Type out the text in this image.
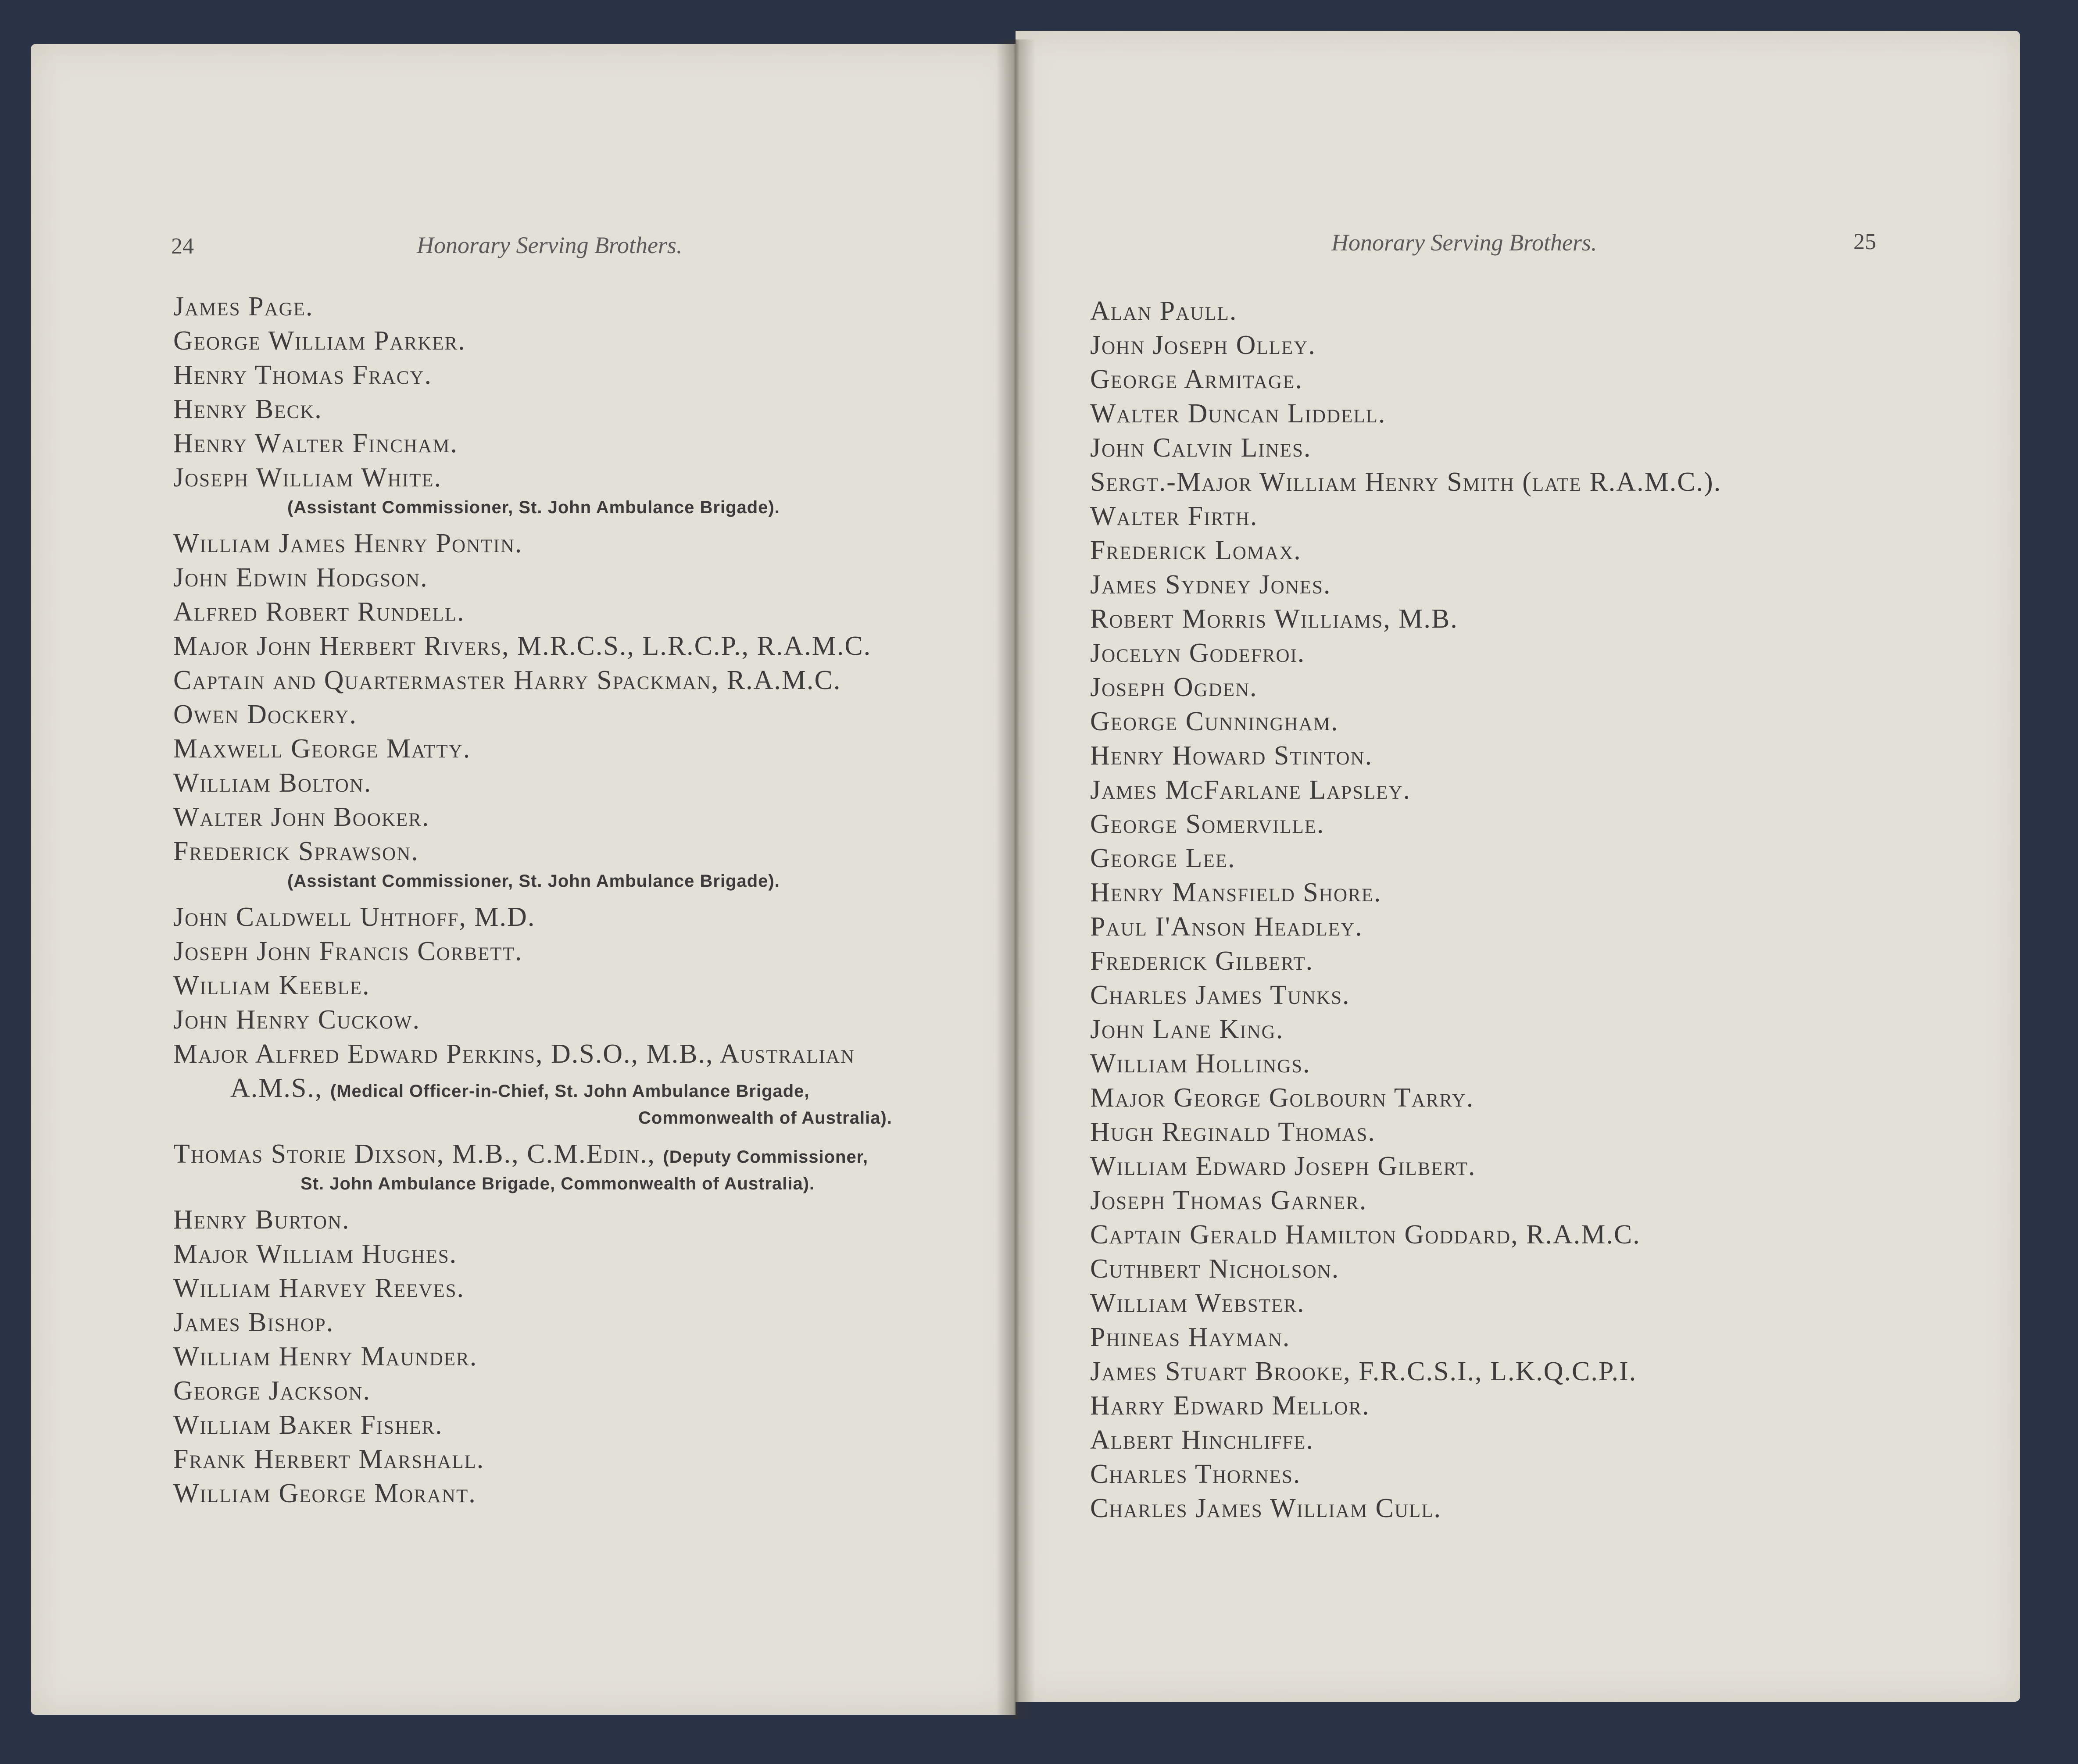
24	Honorary Serving Brothers.
James Page.
George William Parker.
Henry Thomas Fracy.
Henry Beck.
Henry Walter Fincham.
Joseph William White.
(Assistant Commissioner, St. John Ambulance Brigade).
William James Henry Pontin.
John Edwin Hodgson.
Alfred Robert Rundell.
Major John Herbert Rivers, M.R.C.S., L.R.C.P., R.A.M.C.
Captain and Quartermaster Harry Spackman, R.A.M.C.
Owen Dockery.
Maxwell George Matty.
William Bolton.
Walter John Booker.
Frederick Sprawson.
(Assistant Commissioner, St. John Ambulance Brigade).
John Caldwell Uhthoff, M.D.
Joseph John Francis Corbett.
William Keeble.
John Henry Cuckow.
Major Alfred Edward Perkins, D.S.O., M.B., Australian
A.M.S., (Medical Officer-in-Chief, St. John Ambulance Brigade,
Commonwealth of Australia).
Thomas Storie Dixson, M.B., C.M.Edin., (Deputy Commissioner,
St. John Ambulance Brigade, Commonwealth of Australia).
Henry Burton.
Major William Hughes.
William Harvey Reeves.
James Bishop.
William Henry Maunder.
George Jackson.
William Baker Fisher.
Frank Herbert Marshall.
William George Morant.
Honorary Serving Brothers.	25
Alan Paull.
John Joseph Olley.
George Armitage.
Walter Duncan Liddell.
John Calvin Lines.
Sergt.-Major William Henry Smith (late R.A.M.C.).
Walter Firth.
Frederick Lomax.
James Sydney Jones.
Robert Morris Williams, M.B.
Jocelyn Godefroi.
Joseph Ogden.
George Cunningham.
Henry Howard Stinton.
James McFarlane Lapsley.
George Somerville.
George Lee.
Henry Mansfield Shore.
Paul I'Anson Headley.
Frederick Gilbert.
Charles James Tunks.
John Lane King.
William Hollings.
Major George Golbourn Tarry.
Hugh Reginald Thomas.
William Edward Joseph Gilbert.
Joseph Thomas Garner.
Captain Gerald Hamilton Goddard, R.A.M.C.
Cuthbert Nicholson.
William Webster.
Phineas Hayman.
James Stuart Brooke, F.R.C.S.I., L.K.Q.C.P.I.
Harry Edward Mellor.
Albert Hinchliffe.
Charles Thornes.
Charles James William Cull.
